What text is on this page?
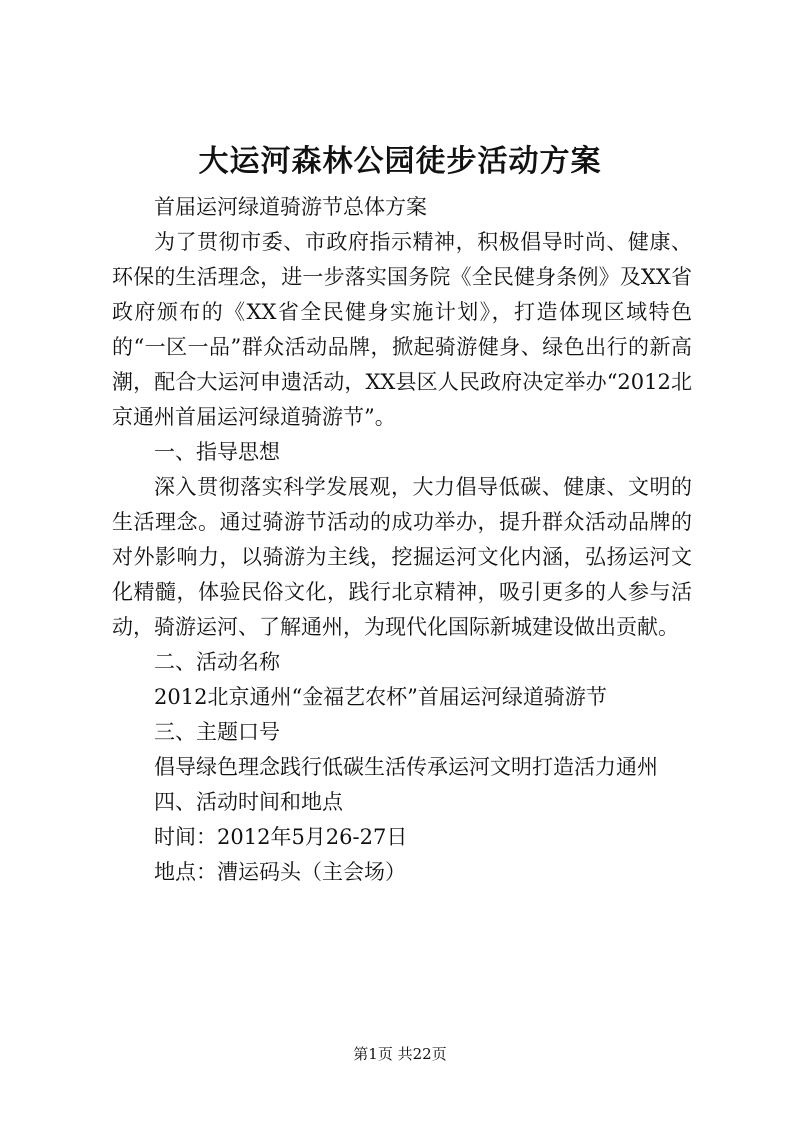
大运河森林公园徒步活动方案

首届运河绿道骑游节总体方案

为了贯彻市委、市政府指示精神，积极倡导时尚、健康、环保的生活理念，进一步落实国务院《全民健身条例》及XX省政府颁布的《XX省全民健身实施计划》，打造体现区域特色的“一区一品”群众活动品牌，掀起骑游健身、绿色出行的新高潮，配合大运河申遗活动，XX县区人民政府决定举办“2012北京通州首届运河绿道骑游节”。

一、指导思想

深入贯彻落实科学发展观，大力倡导低碳、健康、文明的生活理念。通过骑游节活动的成功举办，提升群众活动品牌的对外影响力，以骑游为主线，挖掘运河文化内涵，弘扬运河文化精髓，体验民俗文化，践行北京精神，吸引更多的人参与活动，骑游运河、了解通州，为现代化国际新城建设做出贡献。

二、活动名称

2012北京通州“金福艺农杯”首届运河绿道骑游节

三、主题口号

倡导绿色理念践行低碳生活传承运河文明打造活力通州

四、活动时间和地点

时间：2012年5月26-27日

地点：漕运码头（主会场）

第1页 共22页
